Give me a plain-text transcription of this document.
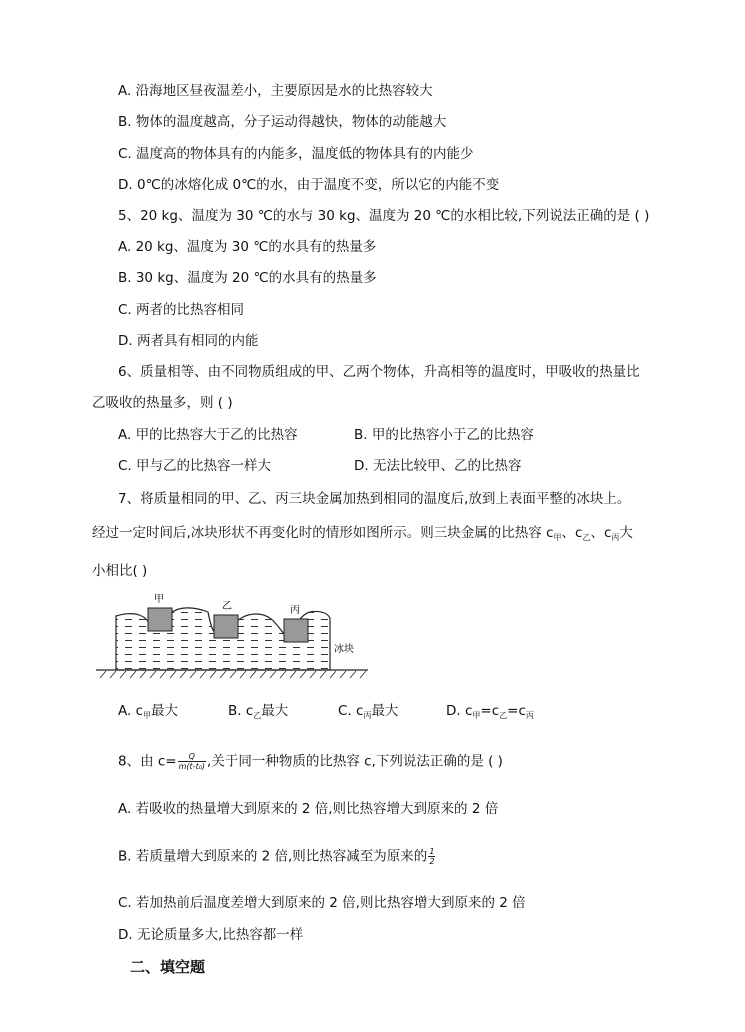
A. 沿海地区昼夜温差小，主要原因是水的比热容较大
B. 物体的温度越高，分子运动得越快，物体的动能越大
C. 温度高的物体具有的内能多，温度低的物体具有的内能少
D. 0℃的冰熔化成 0℃的水，由于温度不变，所以它的内能不变
5、20 kg、温度为 30 ℃的水与 30 kg、温度为 20 ℃的水相比较,下列说法正确的是 ( )
A. 20 kg、温度为 30 ℃的水具有的热量多
B. 30 kg、温度为 20 ℃的水具有的热量多
C. 两者的比热容相同
D. 两者具有相同的内能
6、质量相等、由不同物质组成的甲、乙两个物体，升高相等的温度时，甲吸收的热量比
乙吸收的热量多，则 ( )
A. 甲的比热容大于乙的比热容	B. 甲的比热容小于乙的比热容
C. 甲与乙的比热容一样大	D. 无法比较甲、乙的比热容
7、将质量相同的甲、乙、丙三块金属加热到相同的温度后,放到上表面平整的冰块上。
经过一定时间后,冰块形状不再变化时的情形如图所示。则三块金属的比热容 $c_甲$、$c_乙$、$c_丙$大
小相比( )
甲
乙	丙
冰块
A. $c_甲$最大	B. $c_乙$最大	C. $c_丙$最大	D. $c_甲=c_乙=c_丙$
8、由 $c= \frac{Q}{\text{m(t-t₀)}}$ ,关于同一种物质的比热容 c,下列说法正确的是 ( )
A. 若吸收的热量增大到原来的 2 倍,则比热容增大到原来的 2 倍
B. 若质量增大到原来的 2 倍,则比热容减至为原来的 $\frac{1}{2}$
C. 若加热前后温度差增大到原来的 2 倍,则比热容增大到原来的 2 倍
D. 无论质量多大,比热容都一样
二、填空题
